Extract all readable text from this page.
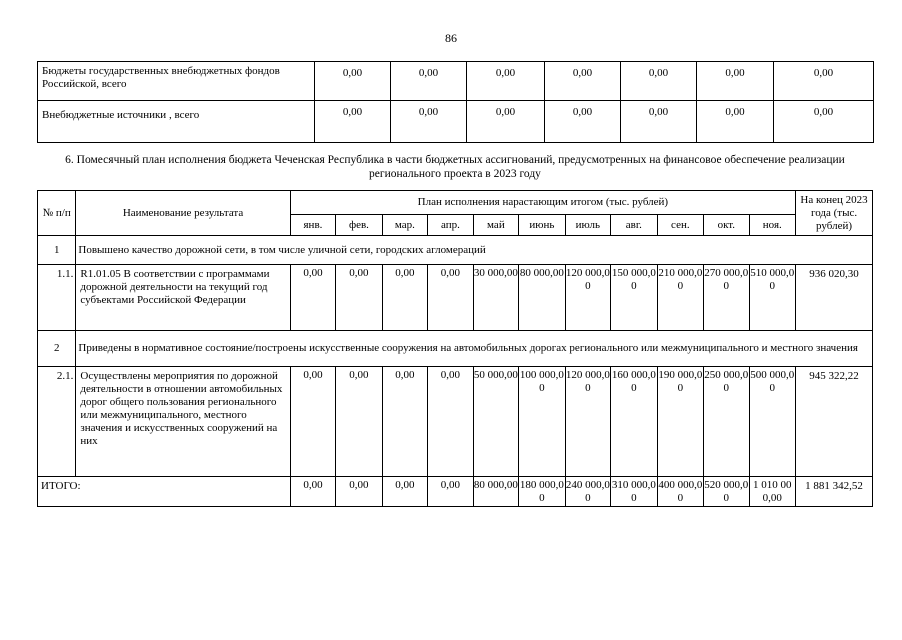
86
Бюджеты государственных внебюджетных фондов Российской, всего	0,00	0,00	0,00	0,00	0,00	0,00	0,00
Внебюджетные источники , всего	0,00	0,00	0,00	0,00	0,00	0,00	0,00
6. Помесячный план исполнения бюджета Чеченская Республика в части бюджетных ассигнований, предусмотренных на финансовое обеспечение реализации регионального проекта в 2023 году
№ п/п	Наименование результата	План исполнения нарастающим итогом (тыс. рублей)											На конец 2023 года (тыс. рублей)
		янв.	фев.	мар.	апр.	май	июнь	июль	авг.	сен.	окт.	ноя.	
1	Повышено качество дорожной сети, в том числе уличной сети, городских агломераций												
1.1.	R1.01.05 В соответствии с программами дорожной деятельности на текущий год субъектами Российской Федерации	0,00	0,00	0,00	0,00	30 000,00	80 000,00	120 000,00	150 000,00	210 000,00	270 000,00	510 000,00	936 020,30
2	Приведены в нормативное состояние/построены искусственные сооружения на автомобильных дорогах регионального или межмуниципального и местного значения												
2.1.	Осуществлены мероприятия по дорожной деятельности в отношении автомобильных дорог общего пользования регионального или межмуниципального, местного значения и искусственных сооружений на них	0,00	0,00	0,00	0,00	50 000,00	100 000,00	120 000,00	160 000,00	190 000,00	250 000,00	500 000,00	945 322,22
ИТОГО:		0,00	0,00	0,00	0,00	80 000,00	180 000,00	240 000,00	310 000,00	400 000,00	520 000,00	1 010 000,00	1 881 342,52
